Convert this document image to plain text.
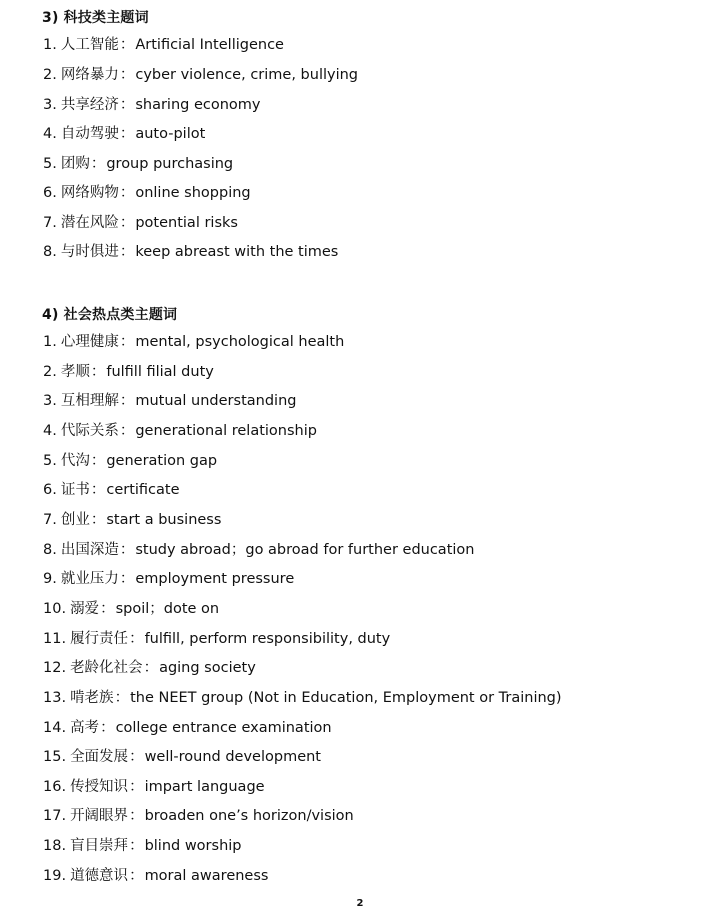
3) 科技类主题词
1. 人工智能：Artificial Intelligence
2. 网络暴力：cyber violence, crime, bullying
3. 共享经济：sharing economy
4. 自动驾驶：auto-pilot
5. 团购：group purchasing
6. 网络购物：online shopping
7. 潜在风险：potential risks
8. 与时俱进：keep abreast with the times
4) 社会热点类主题词
1. 心理健康：mental, psychological health
2. 孝顺：fulfill filial duty
3. 互相理解：mutual understanding
4. 代际关系：generational relationship
5. 代沟：generation gap
6. 证书：certificate
7. 创业：start a business
8. 出国深造：study abroad；go abroad for further education
9. 就业压力：employment pressure
10. 溺爱：spoil；dote on
11. 履行责任：fulfill, perform responsibility, duty
12. 老龄化社会：aging society
13. 啃老族：the NEET group (Not in Education, Employment or Training)
14. 高考：college entrance examination
15. 全面发展：well-round development
16. 传授知识：impart language
17. 开阔眼界：broaden one’s horizon/vision
18. 盲目崇拜：blind worship
19. 道德意识：moral awareness
2
